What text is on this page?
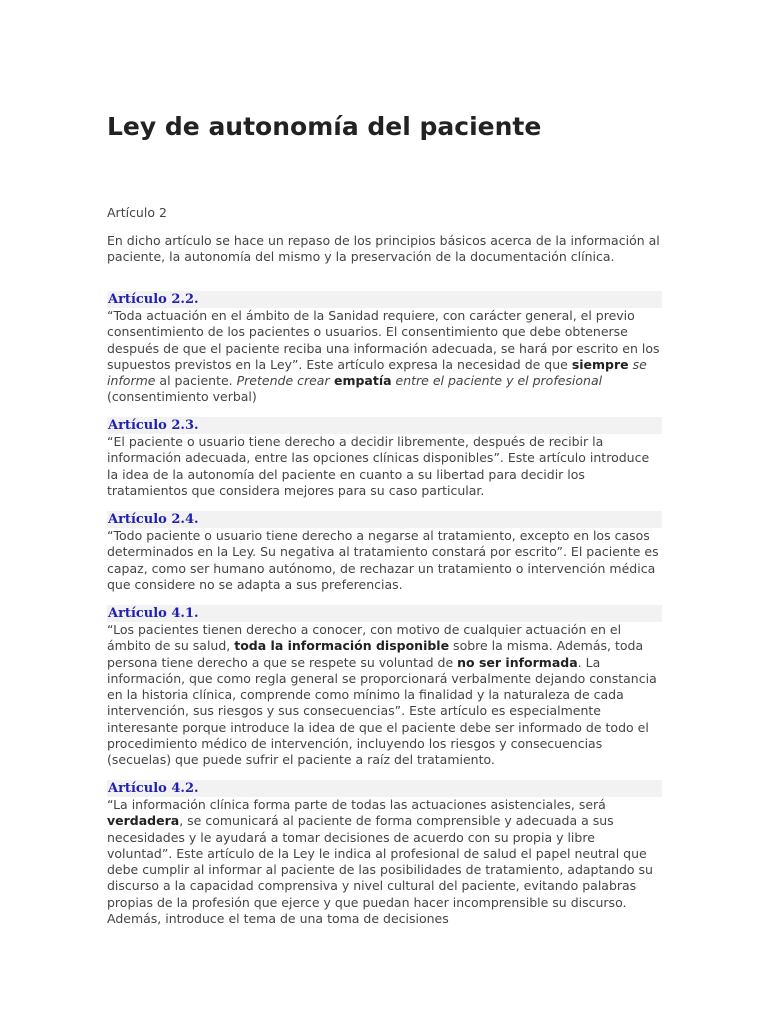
Ley de autonomía del paciente
Artículo 2
En dicho artículo se hace un repaso de los principios básicos acerca de la información al paciente, la autonomía del mismo y la preservación de la documentación clínica.
Artículo 2.2.
“Toda actuación en el ámbito de la Sanidad requiere, con carácter general, el previo consentimiento de los pacientes o usuarios. El consentimiento que debe obtenerse después de que el paciente reciba una información adecuada, se hará por escrito en los supuestos previstos en la Ley”. Este artículo expresa la necesidad de que siempre se informe al paciente. Pretende crear empatía entre el paciente y el profesional (consentimiento verbal)
Artículo 2.3.
“El paciente o usuario tiene derecho a decidir libremente, después de recibir la información adecuada, entre las opciones clínicas disponibles”. Este artículo introduce la idea de la autonomía del paciente en cuanto a su libertad para decidir los tratamientos que considera mejores para su caso particular.
Artículo 2.4.
“Todo paciente o usuario tiene derecho a negarse al tratamiento, excepto en los casos determinados en la Ley. Su negativa al tratamiento constará por escrito”. El paciente es capaz, como ser humano autónomo, de rechazar un tratamiento o intervención médica que considere no se adapta a sus preferencias.
Artículo 4.1.
“Los pacientes tienen derecho a conocer, con motivo de cualquier actuación en el ámbito de su salud, toda la información disponible sobre la misma. Además, toda persona tiene derecho a que se respete su voluntad de no ser informada. La información, que como regla general se proporcionará verbalmente dejando constancia en la historia clínica, comprende como mínimo la finalidad y la naturaleza de cada intervención, sus riesgos y sus consecuencias”. Este artículo es especialmente interesante porque introduce la idea de que el paciente debe ser informado de todo el procedimiento médico de intervención, incluyendo los riesgos y consecuencias (secuelas) que puede sufrir el paciente a raíz del tratamiento.
Artículo 4.2.
“La información clínica forma parte de todas las actuaciones asistenciales, será verdadera, se comunicará al paciente de forma comprensible y adecuada a sus necesidades y le ayudará a tomar decisiones de acuerdo con su propia y libre voluntad”. Este artículo de la Ley le indica al profesional de salud el papel neutral que debe cumplir al informar al paciente de las posibilidades de tratamiento, adaptando su discurso a la capacidad comprensiva y nivel cultural del paciente, evitando palabras propias de la profesión que ejerce y que puedan hacer incomprensible su discurso. Además, introduce el tema de una toma de decisiones
